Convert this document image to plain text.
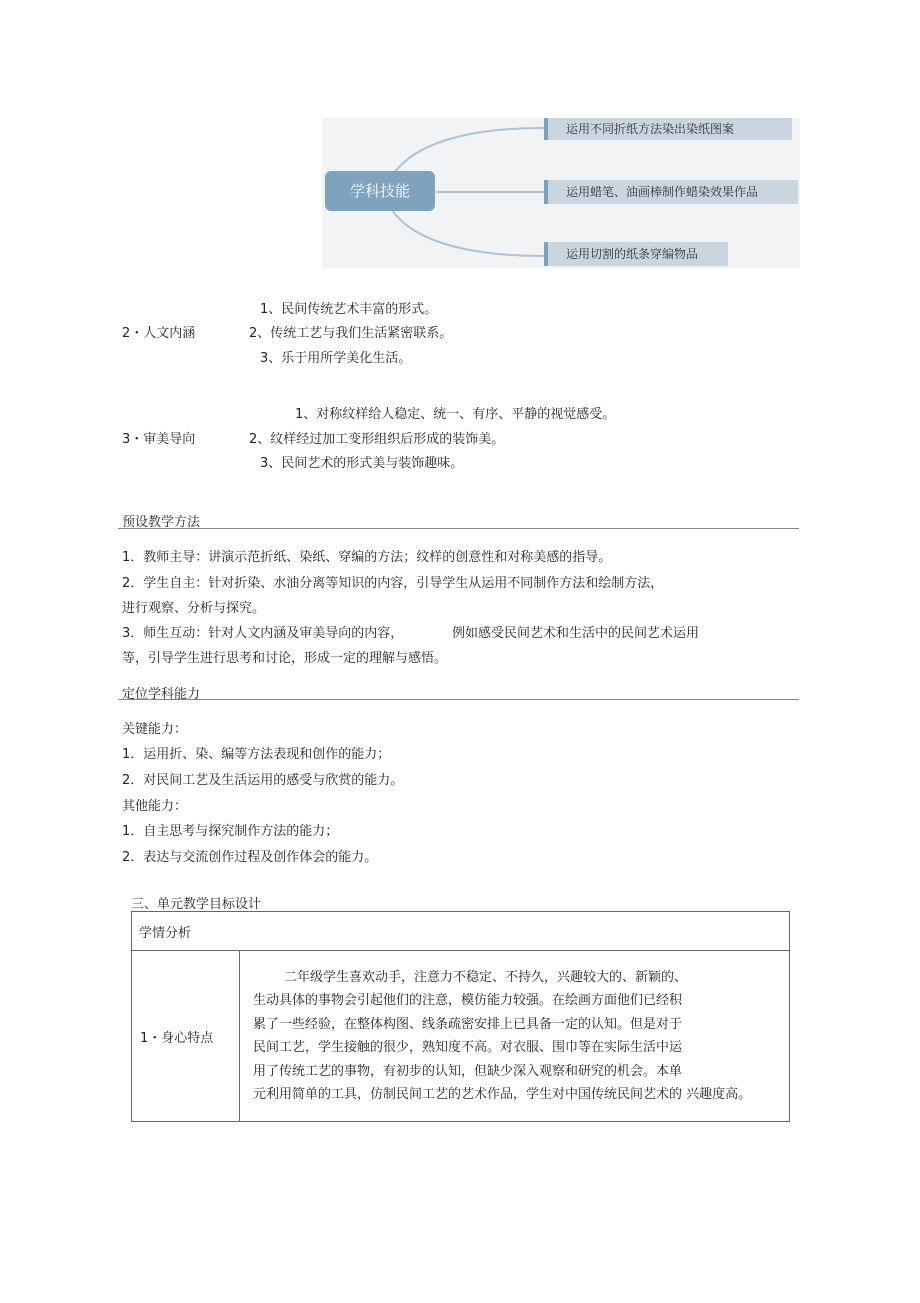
学科技能
运用不同折纸方法染出染纸图案
运用蜡笔、油画棒制作蜡染效果作品
运用切割的纸条穿编物品
1、民间传统艺术丰富的形式。
2・人文内涵	2、传统工艺与我们生活紧密联系。
3、乐于用所学美化生活。
1、对称纹样给人稳定、统一、有序、平静的视觉感受。
3・审美导向	2、纹样经过加工变形组织后形成的装饰美。
3、民间艺术的形式美与装饰趣味。
预设教学方法
1．教师主导：讲演示范折纸、染纸、穿编的方法；纹样的创意性和对称美感的指导。
2．学生自主：针对折染、水油分离等知识的内容，引导学生从运用不同制作方法和绘制方法，
进行观察、分析与探究。
3．师生互动：针对人文内涵及审美导向的内容，	例如感受民间艺术和生活中的民间艺术运用
等，引导学生进行思考和讨论，形成一定的理解与感悟。
定位学科能力
关键能力：
1．运用折、染、编等方法表现和创作的能力；
2．对民间工艺及生活运用的感受与欣赏的能力。
其他能力：
1．自主思考与探究制作方法的能力；
2．表达与交流创作过程及创作体会的能力。
三、单元教学目标设计
学情分析
1・身心特点	
二年级学生喜欢动手，注意力不稳定、不持久，兴趣较大的、新颖的、
生动具体的事物会引起他们的注意，模仿能力较强。在绘画方面他们已经积
累了一些经验，在整体构图、线条疏密安排上已具备一定的认知。但是对于
民间工艺，学生接触的很少，熟知度不高。对衣服、围巾等在实际生活中运
用了传统工艺的事物，有初步的认知，但缺少深入观察和研究的机会。本单
元利用简单的工具，仿制民间工艺的艺术作品，学生对中国传统民间艺术的 兴趣度高。
